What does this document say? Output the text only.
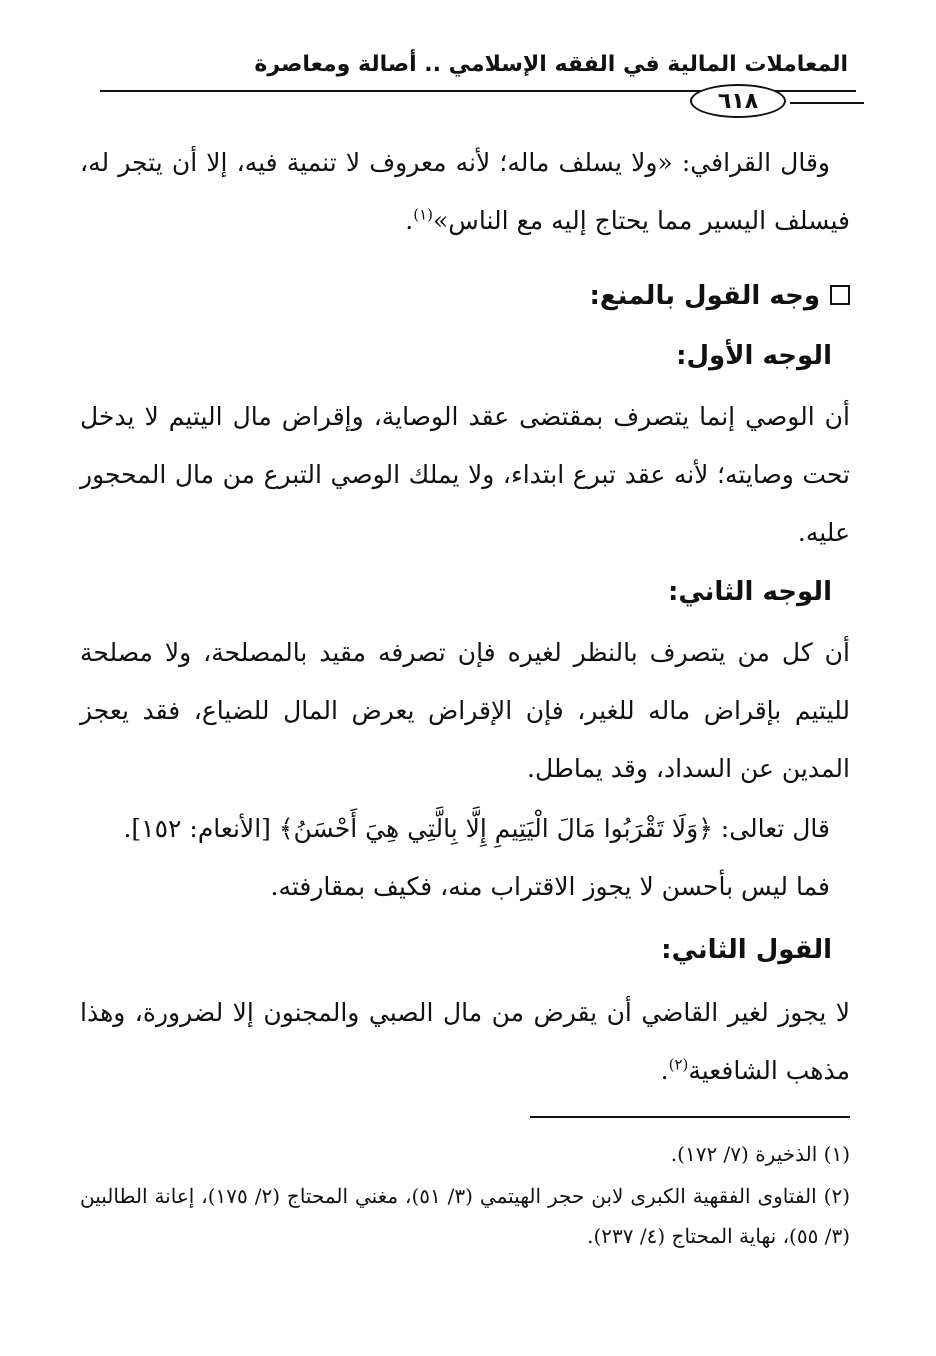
المعاملات المالية في الفقه الإسلامي .. أصالة ومعاصرة
٦١٨

وقال القرافي: «ولا يسلف ماله؛ لأنه معروف لا تنمية فيه، إلا أن يتجر له، فيسلف اليسير مما يحتاج إليه مع الناس»$^{(١)}$.

وجه القول بالمنع:
الوجه الأول:

أن الوصي إنما يتصرف بمقتضى عقد الوصاية، وإقراض مال اليتيم لا يدخل تحت وصايته؛ لأنه عقد تبرع ابتداء، ولا يملك الوصي التبرع من مال المحجور عليه.

الوجه الثاني:

أن كل من يتصرف بالنظر لغيره فإن تصرفه مقيد بالمصلحة، ولا مصلحة لليتيم بإقراض ماله للغير، فإن الإقراض يعرض المال للضياع، فقد يعجز المدين عن السداد، وقد يماطل.

قال تعالى: ﴿وَلَا تَقْرَبُوا مَالَ الْيَتِيمِ إِلَّا بِالَّتِي هِيَ أَحْسَنُ﴾ [الأنعام: ١٥٢].

فما ليس بأحسن لا يجوز الاقتراب منه، فكيف بمقارفته.

القول الثاني:

لا يجوز لغير القاضي أن يقرض من مال الصبي والمجنون إلا لضرورة، وهذا مذهب الشافعية$^{(٢)}$.

(١) الذخيرة (٧/ ١٧٢).

(٢) الفتاوى الفقهية الكبرى لابن حجر الهيتمي (٣/ ٥١)، مغني المحتاج (٢/ ١٧٥)، إعانة الطالبين (٣/ ٥٥)، نهاية المحتاج (٤/ ٢٣٧).
